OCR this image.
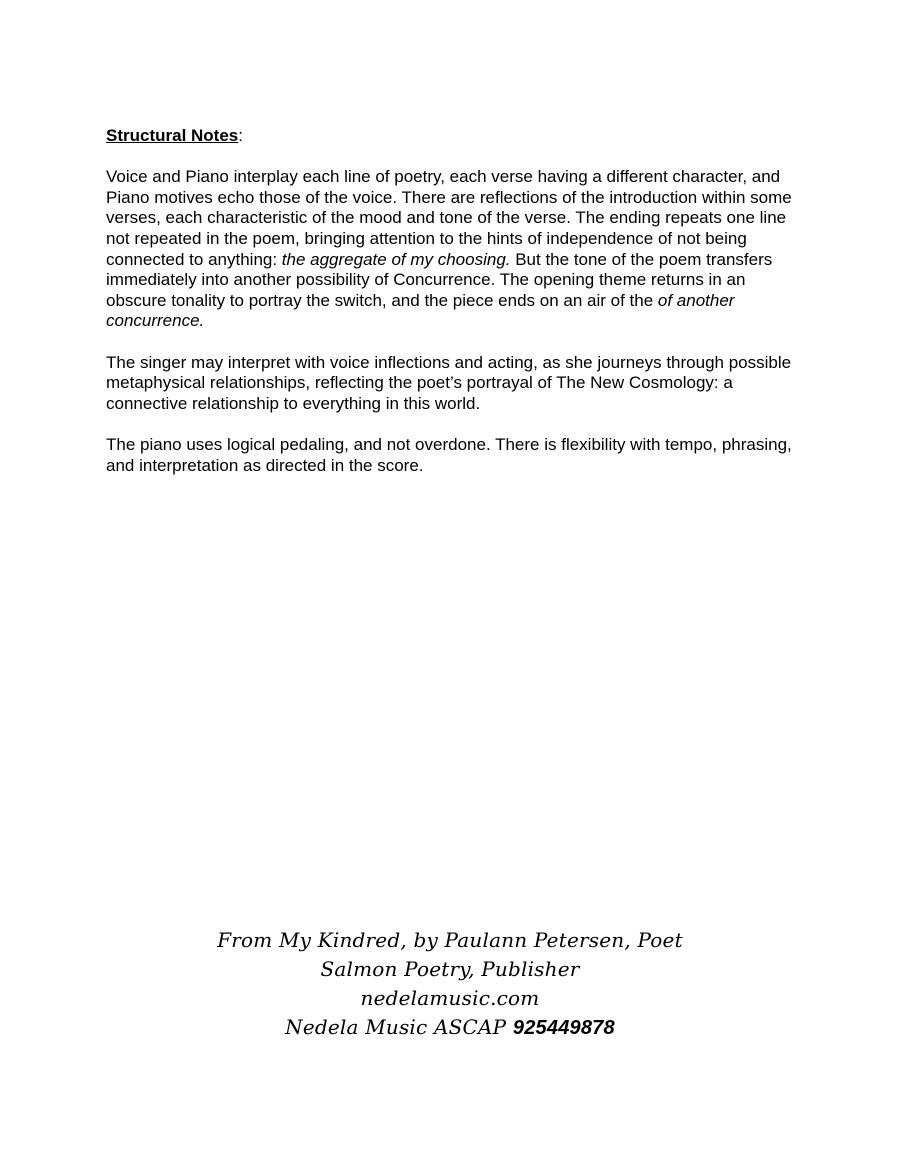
Structural Notes:

Voice and Piano interplay each line of poetry, each verse having a different character, and Piano motives echo those of the voice. There are reflections of the introduction within some verses, each characteristic of the mood and tone of the verse. The ending repeats one line not repeated in the poem, bringing attention to the hints of independence of not being connected to anything: the aggregate of my choosing. But the tone of the poem transfers immediately into another possibility of Concurrence. The opening theme returns in an obscure tonality to portray the switch, and the piece ends on an air of the of another concurrence.

The singer may interpret with voice inflections and acting, as she journeys through possible metaphysical relationships, reflecting the poet’s portrayal of The New Cosmology: a connective relationship to everything in this world.

The piano uses logical pedaling, and not overdone. There is flexibility with tempo, phrasing, and interpretation as directed in the score.

From My Kindred, by Paulann Petersen, Poet
Salmon Poetry, Publisher
nedelamusic.com
Nedela Music ASCAP 925449878
